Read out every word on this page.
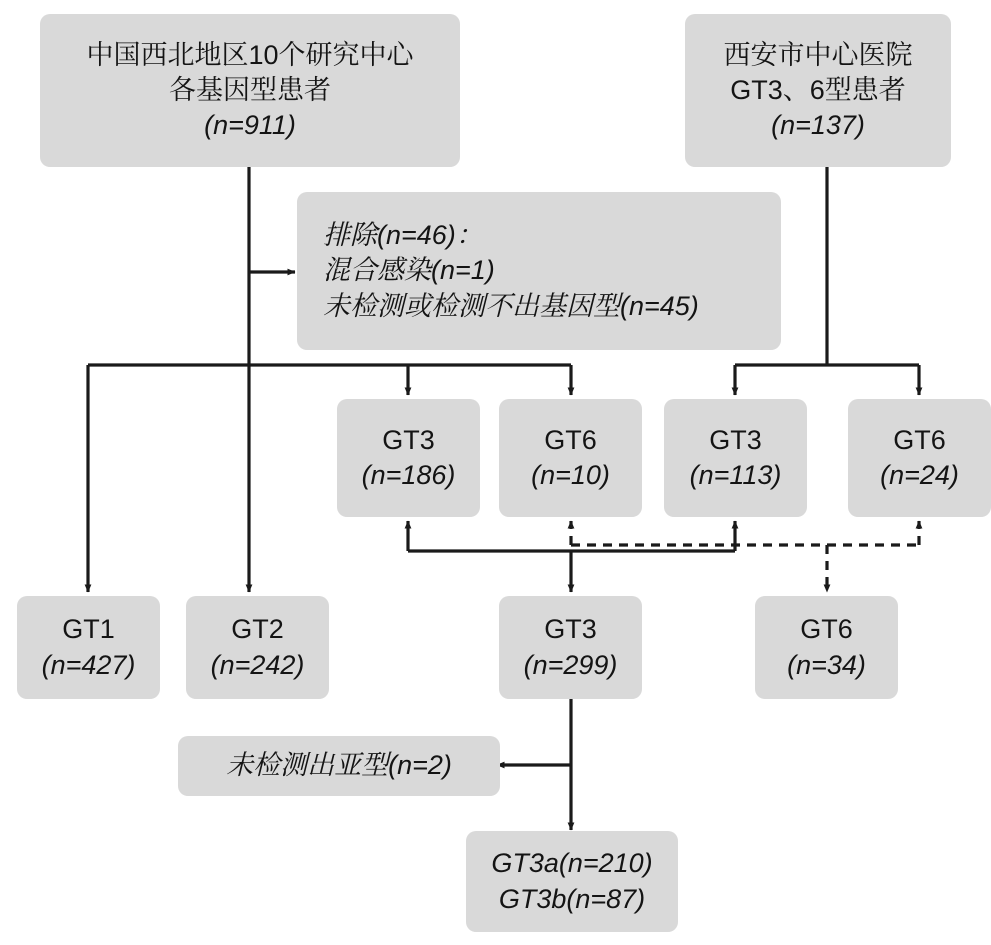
中国西北地区10个研究中心
各基因型患者
(n=911)
西安市中心医院
GT3、6型患者
(n=137)
排除(n=46)：
混合感染(n=1)
未检测或检测不出基因型(n=45)
GT3
(n=186)
GT6
(n=10)
GT3
(n=113)
GT6
(n=24)
GT1
(n=427)
GT2
(n=242)
GT3
(n=299)
GT6
(n=34)
未检测出亚型(n=2)
GT3a(n=210)
GT3b(n=87)
